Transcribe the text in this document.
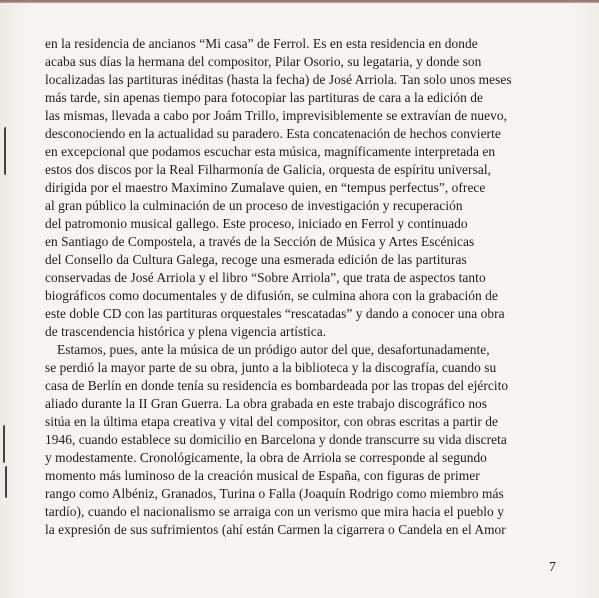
en la residencia de ancianos “Mi casa” de Ferrol. Es en esta residencia en donde
acaba sus días la hermana del compositor, Pilar Osorio, su legataria, y donde son
localizadas las partituras inéditas (hasta la fecha) de José Arriola. Tan solo unos meses
más tarde, sin apenas tiempo para fotocopiar las partituras de cara a la edición de
las mismas, llevada a cabo por Joám Trillo, imprevisiblemente se extravían de nuevo,
desconociendo en la actualidad su paradero. Esta concatenación de hechos convierte
en excepcional que podamos escuchar esta música, magníficamente interpretada en
estos dos discos por la Real Filharmonía de Galicia, orquesta de espíritu universal,
dirigida por el maestro Maximino Zumalave quien, en “tempus perfectus”, ofrece
al gran público la culminación de un proceso de investigación y recuperación
del patromonio musical gallego. Este proceso, iniciado en Ferrol y continuado
en Santiago de Compostela, a través de la Sección de Música y Artes Escénicas
del Consello da Cultura Galega, recoge una esmerada edición de las partituras
conservadas de José Arriola y el libro “Sobre Arriola”, que trata de aspectos tanto
biográficos como documentales y de difusión, se culmina ahora con la grabación de
este doble CD con las partituras orquestales “rescatadas” y dando a conocer una obra
de trascendencia histórica y plena vigencia artística.
Estamos, pues, ante la música de un pródigo autor del que, desafortunadamente,
se perdió la mayor parte de su obra, junto a la biblioteca y la discografía, cuando su
casa de Berlín en donde tenía su residencia es bombardeada por las tropas del ejército
aliado durante la II Gran Guerra. La obra grabada en este trabajo discográfico nos
sitúa en la última etapa creativa y vital del compositor, con obras escritas a partir de
1946, cuando establece su domicilio en Barcelona y donde transcurre su vida discreta
y modestamente. Cronológicamente, la obra de Arriola se corresponde al segundo
momento más luminoso de la creación musical de España, con figuras de primer
rango como Albéniz, Granados, Turina o Falla (Joaquín Rodrigo como miembro más
tardío), cuando el nacionalismo se arraiga con un verismo que mira hacia el pueblo y
la expresión de sus sufrimientos (ahí están Carmen la cigarrera o Candela en el Amor
7
